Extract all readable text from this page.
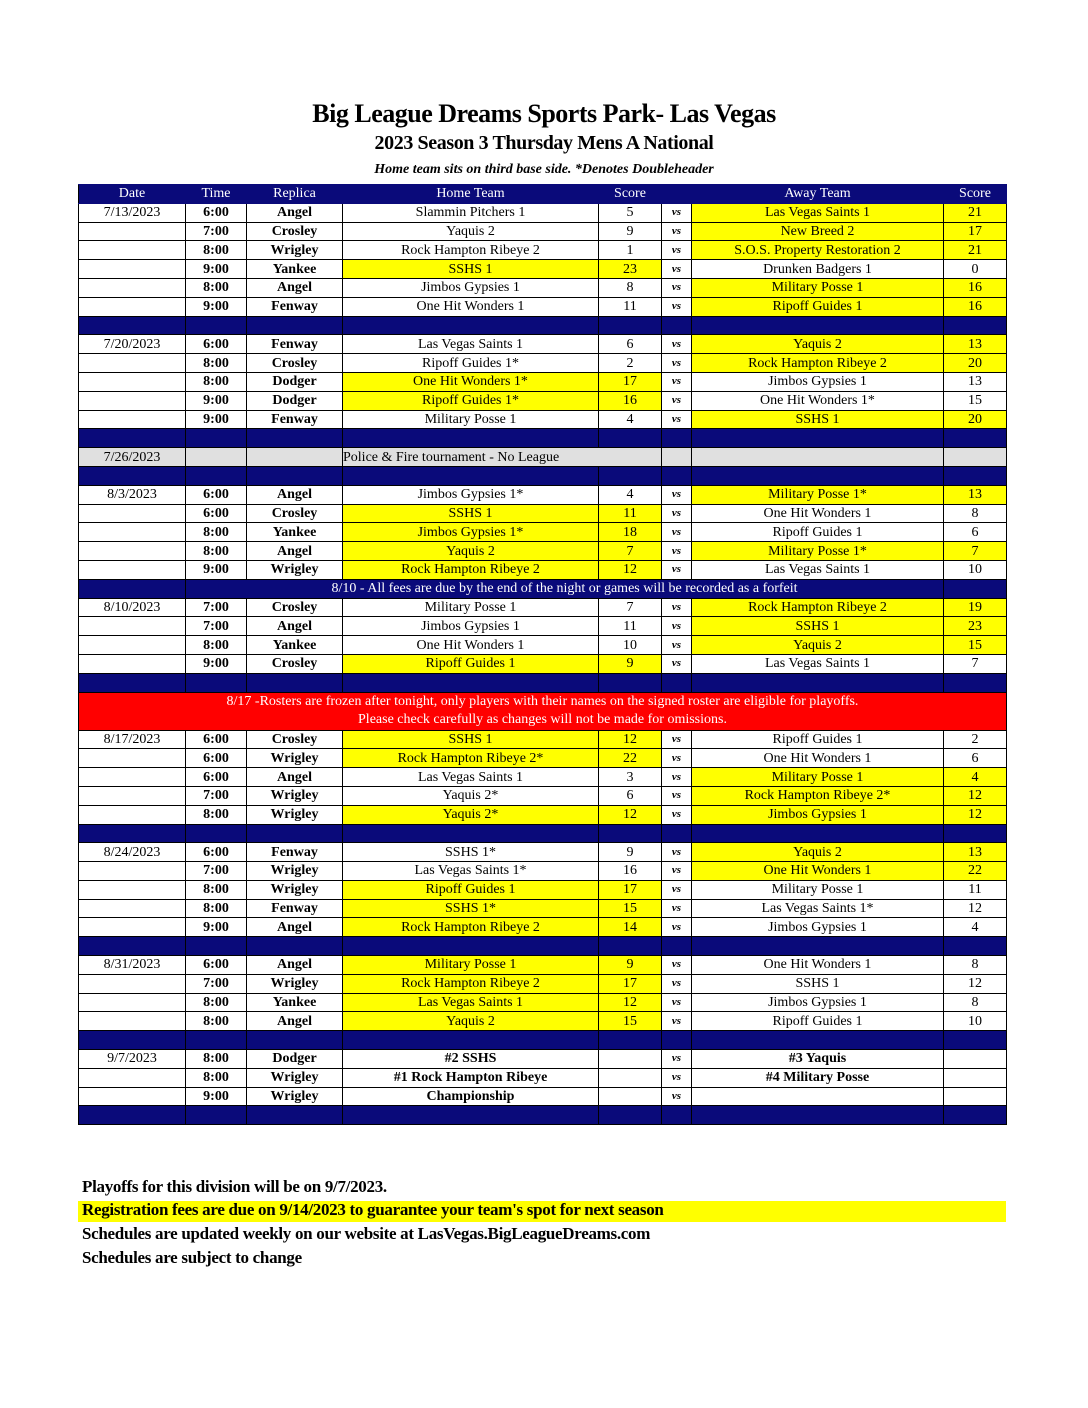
Big League Dreams Sports Park- Las Vegas
2023 Season 3 Thursday Mens A National
Home team sits on third base side. *Denotes Doubleheader
Date	Time	Replica	Home Team	Score		Away Team	Score
7/13/2023	6:00	Angel	Slammin Pitchers 1	5	vs	Las Vegas Saints 1	21
	7:00	Crosley	Yaquis 2	9	vs	New Breed 2	17
	8:00	Wrigley	Rock Hampton Ribeye 2	1	vs	S.O.S. Property Restoration 2	21
	9:00	Yankee	SSHS 1	23	vs	Drunken Badgers 1	0
	8:00	Angel	Jimbos Gypsies 1	8	vs	Military Posse 1	16
	9:00	Fenway	One Hit Wonders 1	11	vs	Ripoff Guides 1	16

7/20/2023	6:00	Fenway	Las Vegas Saints 1	6	vs	Yaquis 2	13
	8:00	Crosley	Ripoff Guides 1*	2	vs	Rock Hampton Ribeye 2	20
	8:00	Dodger	One Hit Wonders 1*	17	vs	Jimbos Gypsies 1	13
	9:00	Dodger	Ripoff Guides 1*	16	vs	One Hit Wonders 1*	15
	9:00	Fenway	Military Posse 1	4	vs	SSHS 1	20

7/26/2023			Police & Fire tournament - No League				

8/3/2023	6:00	Angel	Jimbos Gypsies 1*	4	vs	Military Posse 1*	13
	6:00	Crosley	SSHS 1	11	vs	One Hit Wonders 1	8
	8:00	Yankee	Jimbos Gypsies 1*	18	vs	Ripoff Guides 1	6
	8:00	Angel	Yaquis 2	7	vs	Military Posse 1*	7
	9:00	Wrigley	Rock Hampton Ribeye 2	12	vs	Las Vegas Saints 1	10
	8/10 - All fees are due by the end of the night or games will be recorded as a forfeit						
8/10/2023	7:00	Crosley	Military Posse 1	7	vs	Rock Hampton Ribeye 2	19
	7:00	Angel	Jimbos Gypsies 1	11	vs	SSHS 1	23
	8:00	Yankee	One Hit Wonders 1	10	vs	Yaquis 2	15
	9:00	Crosley	Ripoff Guides 1	9	vs	Las Vegas Saints 1	7

8/17 -Rosters are frozen after tonight, only players with their names on the signed roster are eligible for playoffs.
Please check carefully as changes will not be made for omissions.							

8/17/2023	6:00	Crosley	SSHS 1	12	vs	Ripoff Guides 1	2
	6:00	Wrigley	Rock Hampton Ribeye 2*	22	vs	One Hit Wonders 1	6
	6:00	Angel	Las Vegas Saints 1	3	vs	Military Posse 1	4
	7:00	Wrigley	Yaquis 2*	6	vs	Rock Hampton Ribeye 2*	12
	8:00	Wrigley	Yaquis 2*	12	vs	Jimbos Gypsies 1	12

8/24/2023	6:00	Fenway	SSHS 1*	9	vs	Yaquis 2	13
	7:00	Wrigley	Las Vegas Saints 1*	16	vs	One Hit Wonders 1	22
	8:00	Wrigley	Ripoff Guides 1	17	vs	Military Posse 1	11
	8:00	Fenway	SSHS 1*	15	vs	Las Vegas Saints 1*	12
	9:00	Angel	Rock Hampton Ribeye 2	14	vs	Jimbos Gypsies 1	4

8/31/2023	6:00	Angel	Military Posse 1	9	vs	One Hit Wonders 1	8
	7:00	Wrigley	Rock Hampton Ribeye 2	17	vs	SSHS 1	12
	8:00	Yankee	Las Vegas Saints 1	12	vs	Jimbos Gypsies 1	8
	8:00	Angel	Yaquis 2	15	vs	Ripoff Guides 1	10

9/7/2023	8:00	Dodger	#2 SSHS		vs	#3 Yaquis	
	8:00	Wrigley	#1 Rock Hampton Ribeye		vs	#4 Military Posse	
	9:00	Wrigley	Championship		vs		

Playoffs for this division will be on 9/7/2023.
Registration fees are due on 9/14/2023 to guarantee your team's spot for next season
Schedules are updated weekly on our website at LasVegas.BigLeagueDreams.com
Schedules are subject to change
